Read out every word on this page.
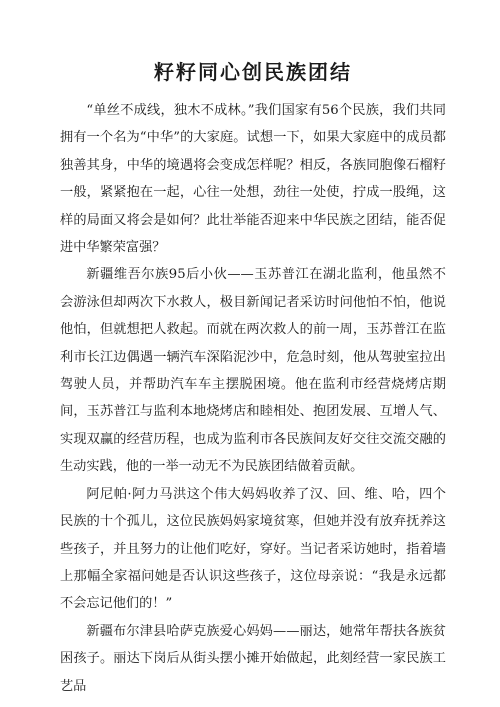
籽籽同心创民族团结

“单丝不成线，独木不成林。”我们国家有56个民族，我们共同拥有一个名为“中华”的大家庭。试想一下，如果大家庭中的成员都独善其身，中华的境遇将会变成怎样呢？相反，各族同胞像石榴籽一般，紧紧抱在一起，心往一处想，劲往一处使，拧成一股绳，这样的局面又将会是如何？此壮举能否迎来中华民族之团结，能否促进中华繁荣富强？

新疆维吾尔族95后小伙——玉苏普江在湖北监利，他虽然不会游泳但却两次下水救人，极目新闻记者采访时问他怕不怕，他说他怕，但就想把人救起。而就在两次救人的前一周，玉苏普江在监利市长江边偶遇一辆汽车深陷泥沙中，危急时刻，他从驾驶室拉出驾驶人员，并帮助汽车车主摆脱困境。他在监利市经营烧烤店期间，玉苏普江与监利本地烧烤店和睦相处、抱团发展、互增人气、实现双赢的经营历程，也成为监利市各民族间友好交往交流交融的生动实践，他的一举一动无不为民族团结做着贡献。

阿尼帕·阿力马洪这个伟大妈妈收养了汉、回、维、哈，四个民族的十个孤儿，这位民族妈妈家境贫寒，但她并没有放弃抚养这些孩子，并且努力的让他们吃好，穿好。当记者采访她时，指着墙上那幅全家福问她是否认识这些孩子，这位母亲说：“我是永远都不会忘记他们的！”

新疆布尔津县哈萨克族爱心妈妈——丽达，她常年帮扶各族贫困孩子。丽达下岗后从街头摆小摊开始做起，此刻经营一家民族工艺品
